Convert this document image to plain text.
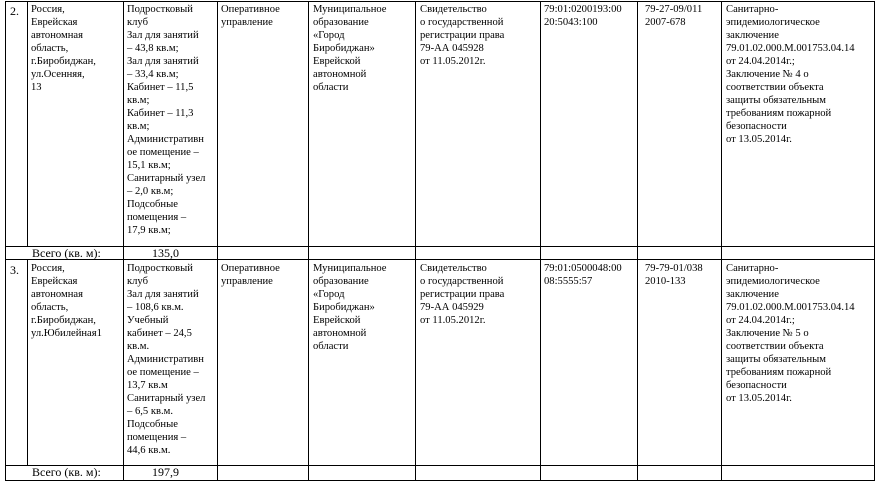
2. Россия,
Еврейская
автономная
область,
г.Биробиджан,
ул.Осенняя,
13
Подростковый
клуб
Зал для занятий
– 43,8 кв.м;
Зал для занятий
– 33,4 кв.м;
Кабинет – 11,5
кв.м;
Кабинет – 11,3
кв.м;
Административн
ое помещение –
15,1 кв.м;
Санитарный узел
– 2,0 кв.м;
Подсобные
помещения –
17,9 кв.м;
Оперативное
управление
Муниципальное
образование
«Город
Биробиджан»
Еврейской
автономной
области
Свидетельство
о государственной
регистрации права
79-АА 045928
от 11.05.2012г.
79:01:0200193:00
20:5043:100
79-27-09/011
2007-678
Санитарно-
эпидемиологическое
заключение
79.01.02.000.М.001753.04.14
от 24.04.2014г.;
Заключение № 4 о
соответствии объекта
защиты обязательным
требованиям пожарной
безопасности
от 13.05.2014г.
Всего (кв. м):	135,0
3. Россия,
Еврейская
автономная
область,
г.Биробиджан,
ул.Юбилейная1
Подростковый
клуб
Зал для занятий
– 108,6 кв.м.
Учебный
кабинет – 24,5
кв.м.
Административн
ое помещение –
13,7 кв.м
Санитарный узел
– 6,5 кв.м.
Подсобные
помещения –
44,6 кв.м.
Оперативное
управление
Муниципальное
образование
«Город
Биробиджан»
Еврейской
автономной
области
Свидетельство
о государственной
регистрации права
79-АА 045929
от 11.05.2012г.
79:01:0500048:00
08:5555:57
79-79-01/038
2010-133
Санитарно-
эпидемиологическое
заключение
79.01.02.000.М.001753.04.14
от 24.04.2014г.;
Заключение № 5 о
соответствии объекта
защиты обязательным
требованиям пожарной
безопасности
от 13.05.2014г.
Всего (кв. м):	197,9
